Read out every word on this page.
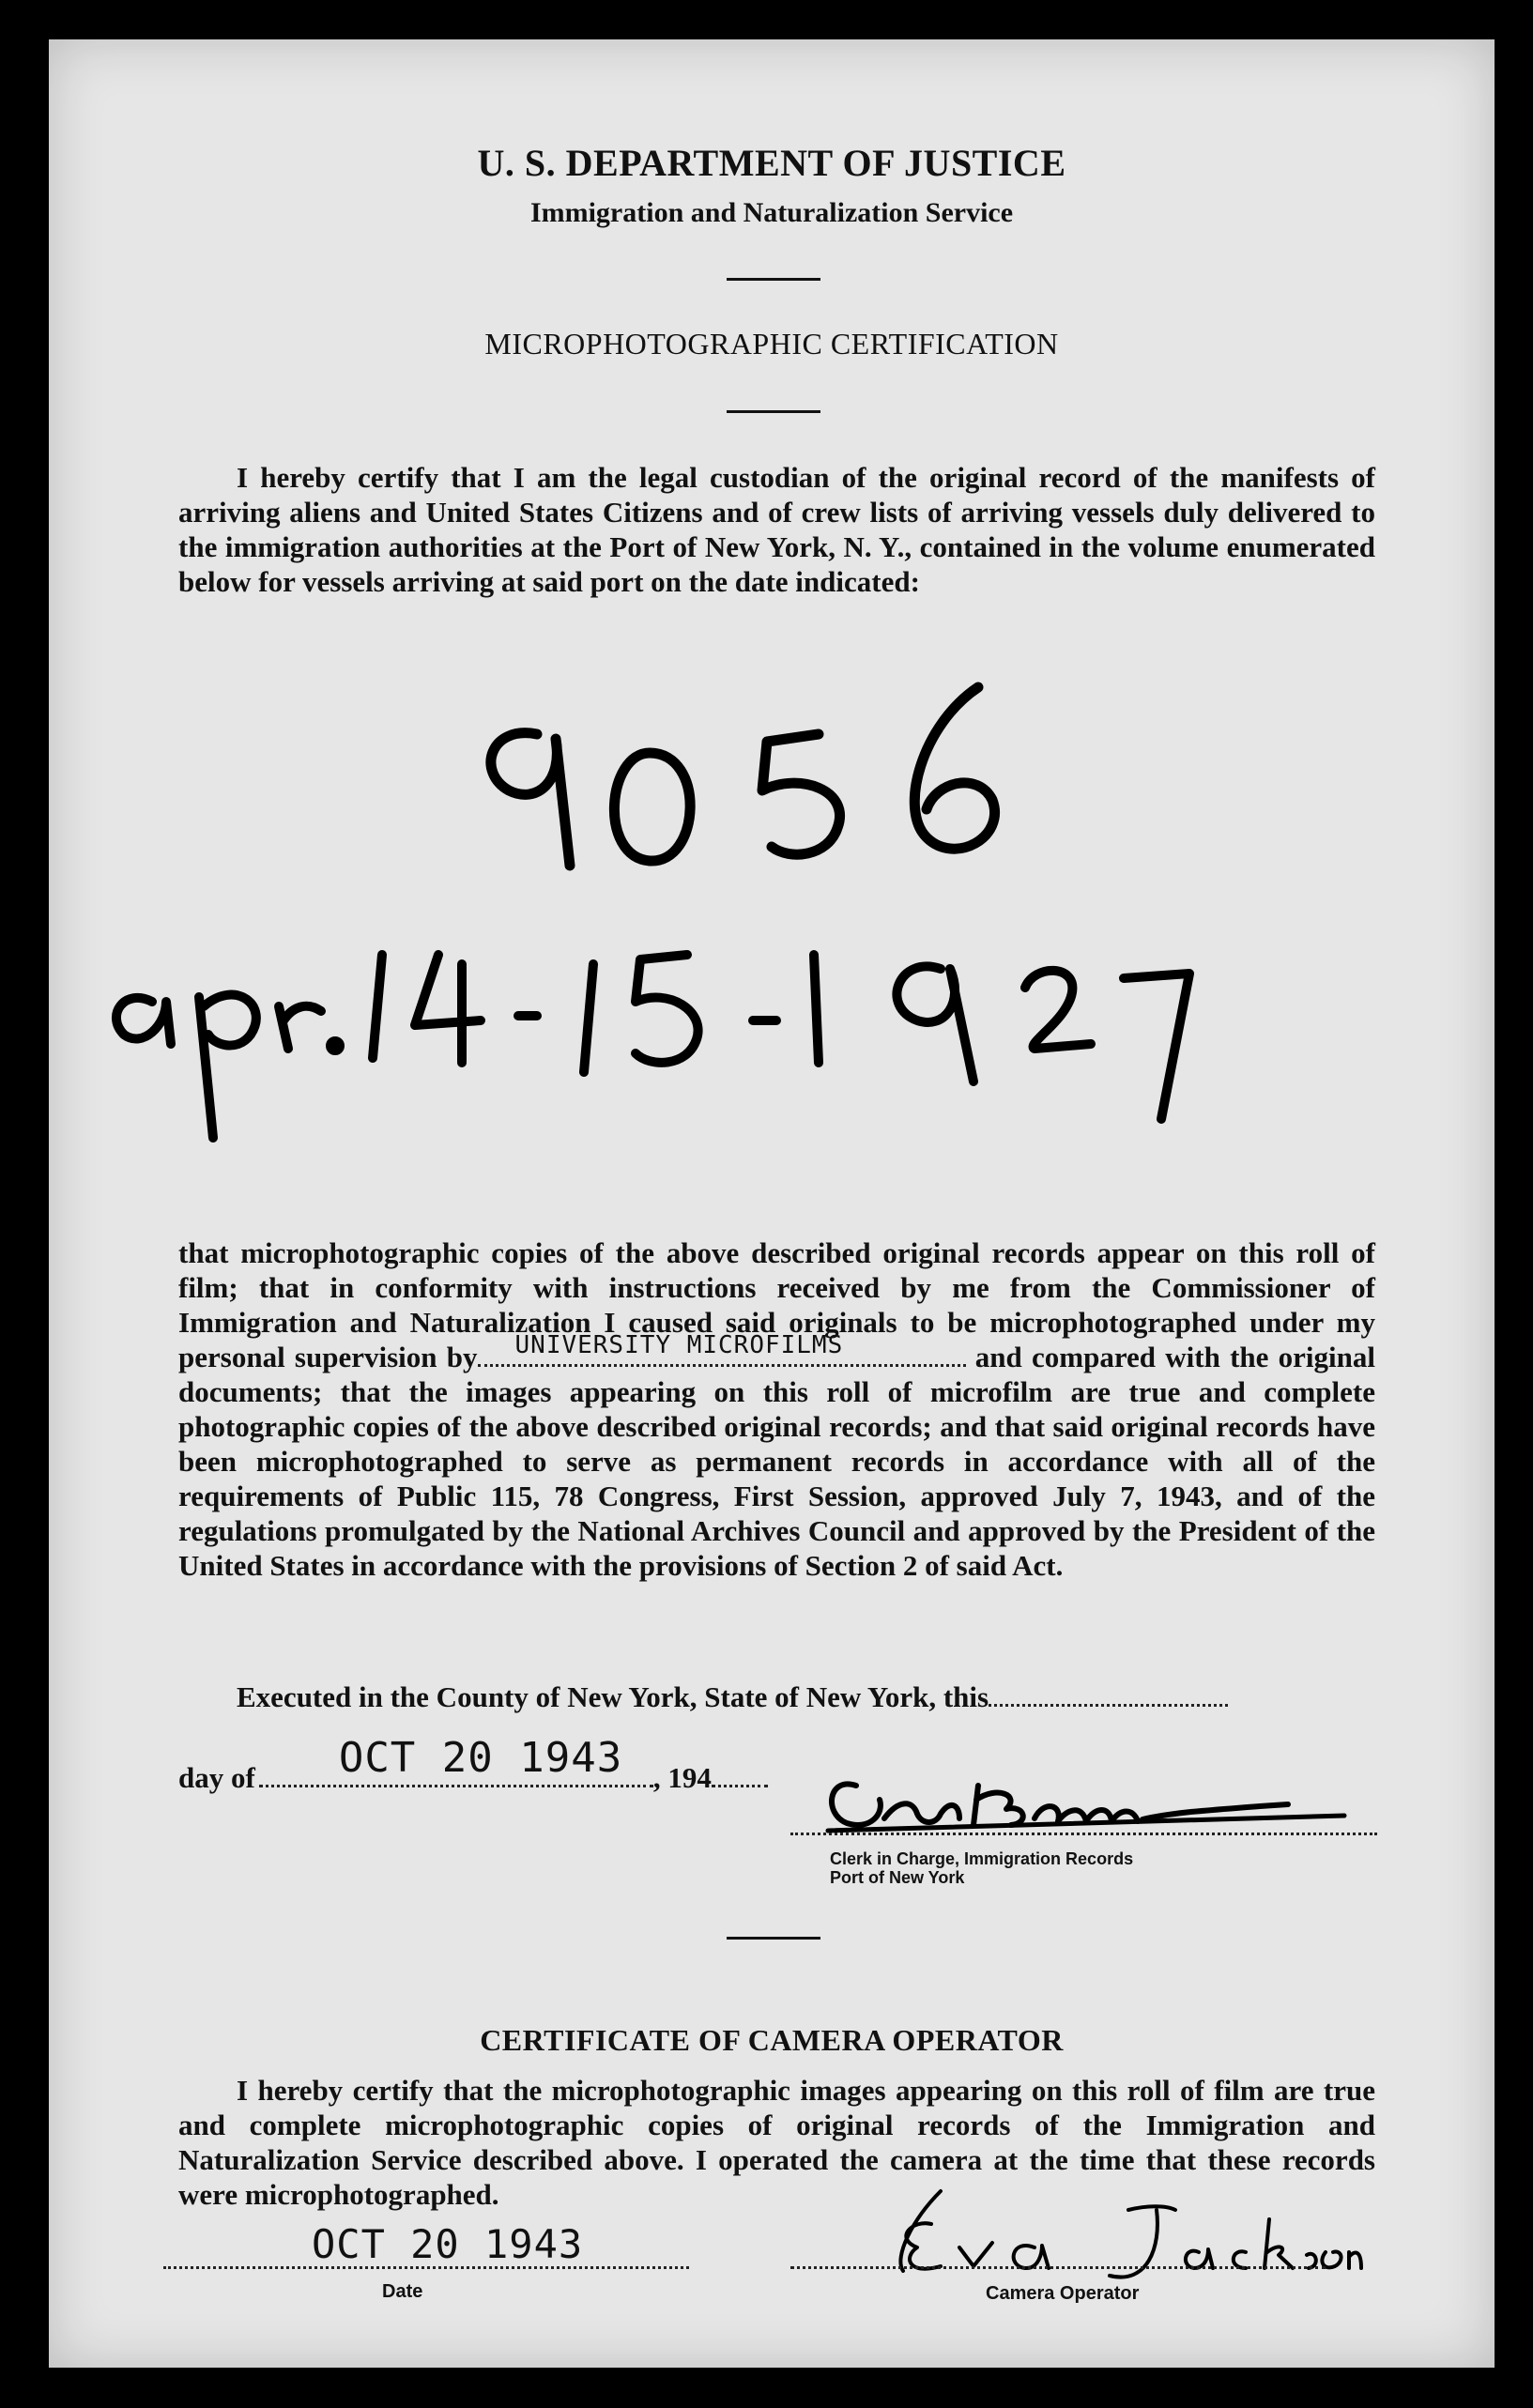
U. S. DEPARTMENT OF JUSTICE
Immigration and Naturalization Service
MICROPHOTOGRAPHIC CERTIFICATION
I hereby certify that I am the legal custodian of the original record of the manifests of arriving aliens and United States Citizens and of crew lists of arriving vessels duly delivered to the immigration authorities at the Port of New York, N. Y., contained in the volume enumerated below for vessels arriving at said port on the date indicated:
that microphotographic copies of the above described original records appear on this roll of film; that in conformity with instructions received by me from the Commissioner of Immigration and Naturalization I caused said originals to be microphotographed under my personal supervision by UNIVERSITY MICROFILMS	and compared with the original documents; that the images appearing on this roll of microfilm are true and complete photographic copies of the above described original records; and that said original records have been microphotographed to serve as permanent records in accordance with all of the requirements of Public 115, 78 Congress, First Session, approved July 7, 1943, and of the regulations promulgated by the National Archives Council and approved by the President of the United States in accordance with the provisions of Section 2 of said Act.
Executed in the County of New York, State of New York, this
day of OCT 20 1943 , 194
Clerk in Charge, Immigration Records
Port of New York
CERTIFICATE OF CAMERA OPERATOR
I hereby certify that the microphotographic images appearing on this roll of film are true and complete microphotographic copies of original records of the Immigration and Naturalization Service described above. I operated the camera at the time that these records were microphotographed.
OCT 20 1943
Date	Camera Operator
